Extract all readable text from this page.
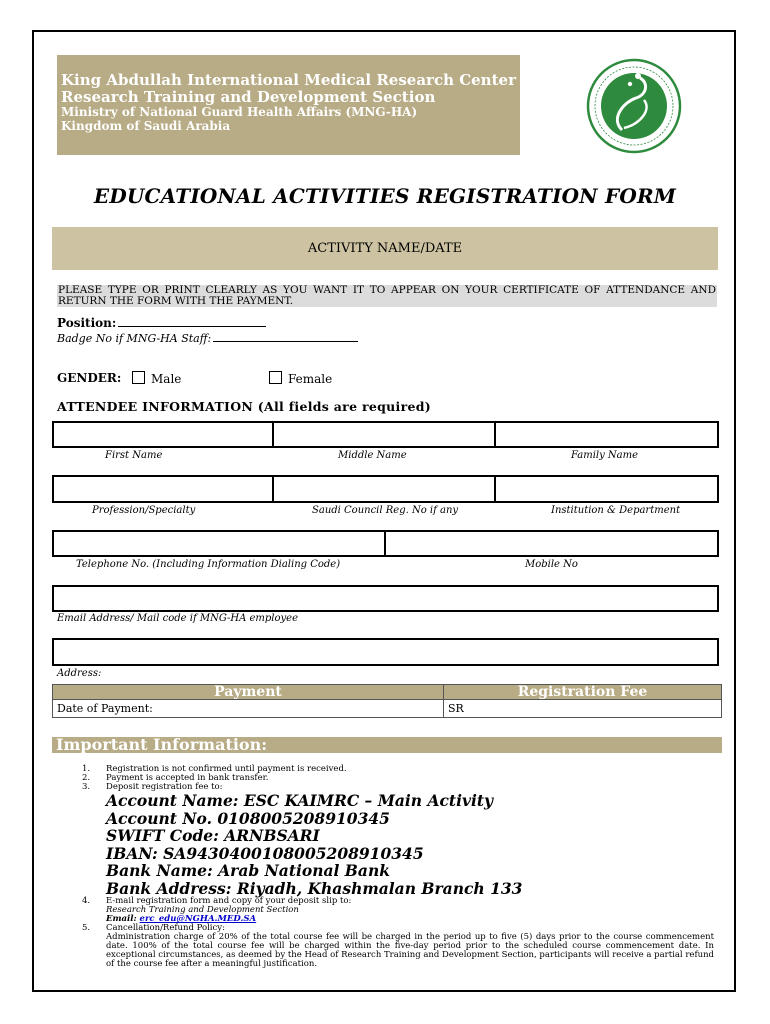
King Abdullah International Medical Research Center
Research Training and Development Section
Ministry of National Guard Health Affairs (MNG-HA)
Kingdom of Saudi Arabia
EDUCATIONAL ACTIVITIES REGISTRATION FORM
ACTIVITY NAME/DATE
PLEASE TYPE OR PRINT CLEARLY AS YOU WANT IT TO APPEAR ON YOUR CERTIFICATE OF ATTENDANCE AND RETURN THE FORM WITH THE PAYMENT.
Position:
Badge No if MNG-HA Staff:
GENDER:	Male	Female
ATTENDEE INFORMATION (All fields are required)
First Name	Middle Name	Family Name
Profession/Specialty	Saudi Council Reg. No if any	Institution & Department
Telephone No. (Including Information Dialing Code)	Mobile No
Email Address/ Mail code if MNG-HA employee
Address:
Payment	Registration Fee
Date of Payment:	SR
Important Information:
1. Registration is not confirmed until payment is received.
2. Payment is accepted in bank transfer.
3. Deposit registration fee to:
Account Name: ESC KAIMRC – Main Activity
Account No. 0108005208910345
SWIFT Code: ARNBSARI
IBAN: SA9430400108005208910345
Bank Name: Arab National Bank
Bank Address: Riyadh, Khashmalan Branch 133
4. E-mail registration form and copy of your deposit slip to:
Research Training and Development Section
Email: erc_edu@NGHA.MED.SA
5. Cancellation/Refund Policy:
Administration charge of 20% of the total course fee will be charged in the period up to five (5) days prior to the course commencement date. 100% of the total course fee will be charged within the five-day period prior to the scheduled course commencement date. In exceptional circumstances, as deemed by the Head of Research Training and Development Section, participants will receive a partial refund of the course fee after a meaningful justification.
